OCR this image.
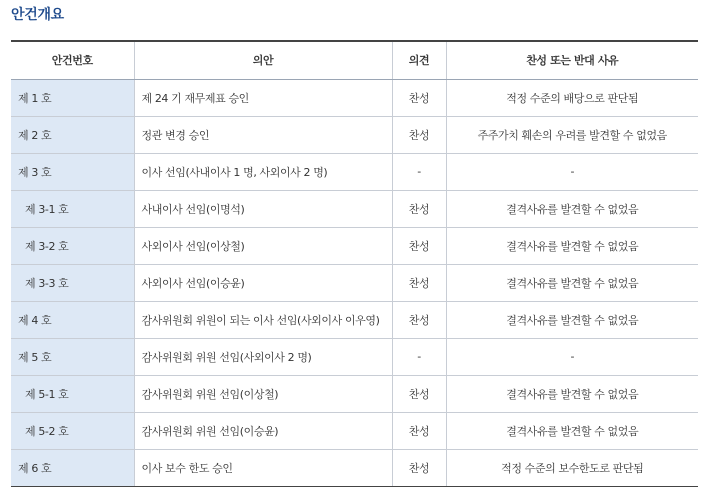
안건개요
안건번호	의안	의견	찬성 또는 반대 사유
제 1 호	제 24 기 재무제표 승인	찬성	적정 수준의 배당으로 판단됨
제 2 호	정관 변경 승인	찬성	주주가치 훼손의 우려를 발견할 수 없었음
제 3 호	이사 선임(사내이사 1 명, 사외이사 2 명)	-	-
제 3-1 호	사내이사 선임(이명석)	찬성	결격사유를 발견할 수 없었음
제 3-2 호	사외이사 선임(이상철)	찬성	결격사유를 발견할 수 없었음
제 3-3 호	사외이사 선임(이승윤)	찬성	결격사유를 발견할 수 없었음
제 4 호	감사위원회 위원이 되는 이사 선임(사외이사 이우영)	찬성	결격사유를 발견할 수 없었음
제 5 호	감사위원회 위원 선임(사외이사 2 명)	-	-
제 5-1 호	감사위원회 위원 선임(이상철)	찬성	결격사유를 발견할 수 없었음
제 5-2 호	감사위원회 위원 선임(이승윤)	찬성	결격사유를 발견할 수 없었음
제 6 호	이사 보수 한도 승인	찬성	적정 수준의 보수한도로 판단됨
